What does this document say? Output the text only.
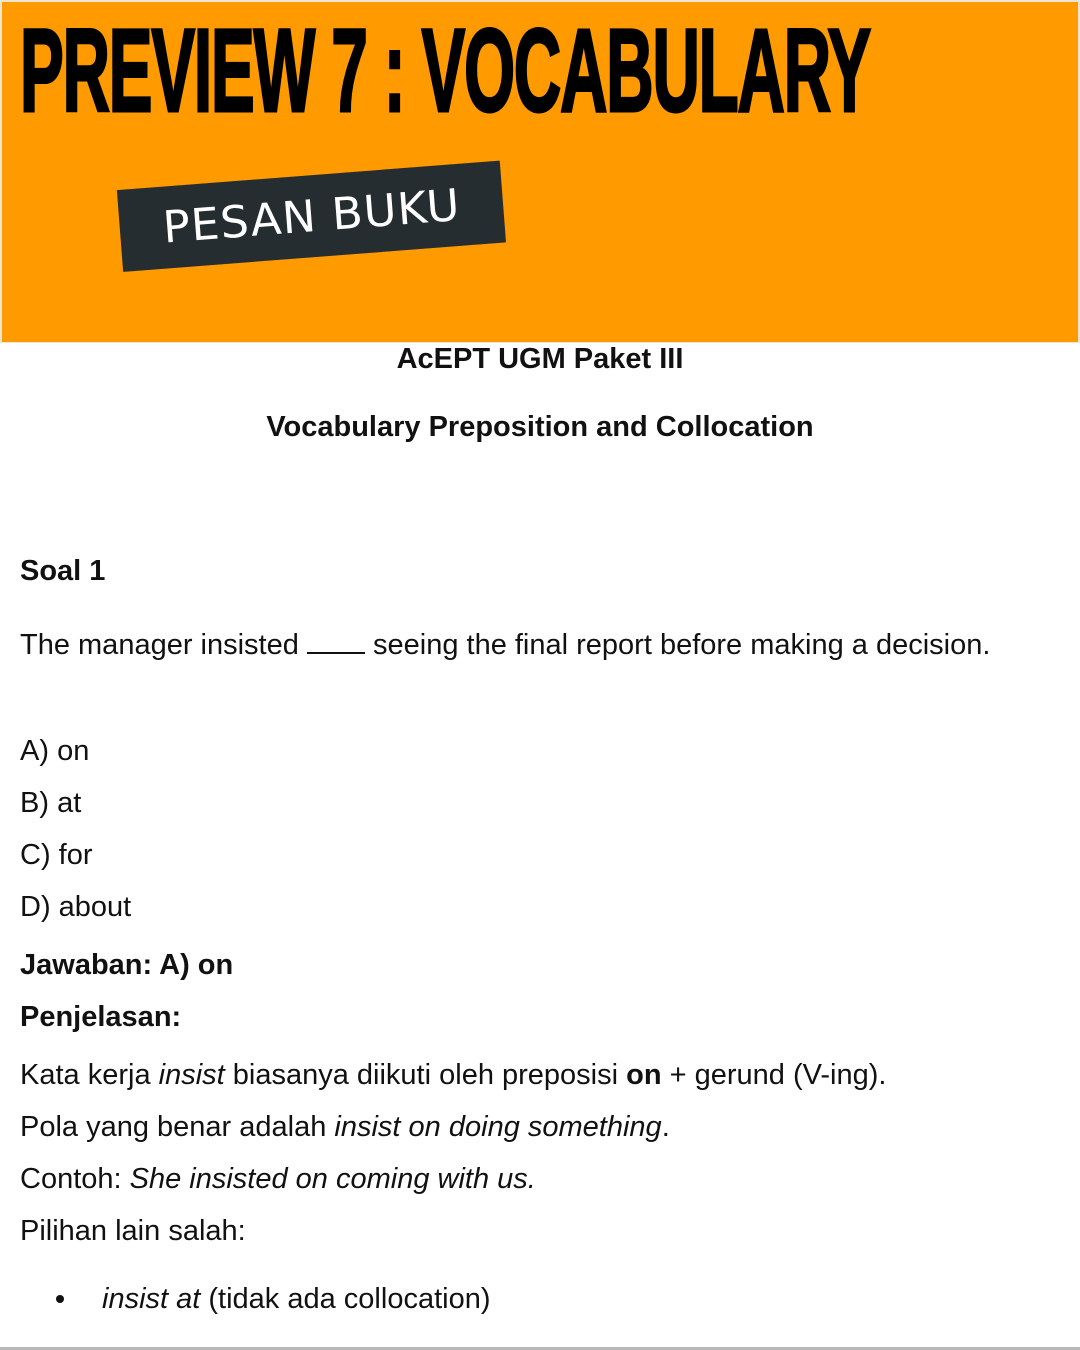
PREVIEW 7 : VOCABULARY
PESAN BUKU
AcEPT UGM Paket III
Vocabulary Preposition and Collocation
Soal 1

The manager insisted  seeing the final report before making a decision.

A) on
B) at
C) for
D) about

Jawaban: A) on

Penjelasan:

Kata kerja insist biasanya diikuti oleh preposisi on + gerund (V-ing).

Pola yang benar adalah insist on doing something.

Contoh: She insisted on coming with us.

Pilihan lain salah:

insist at (tidak ada collocation)
